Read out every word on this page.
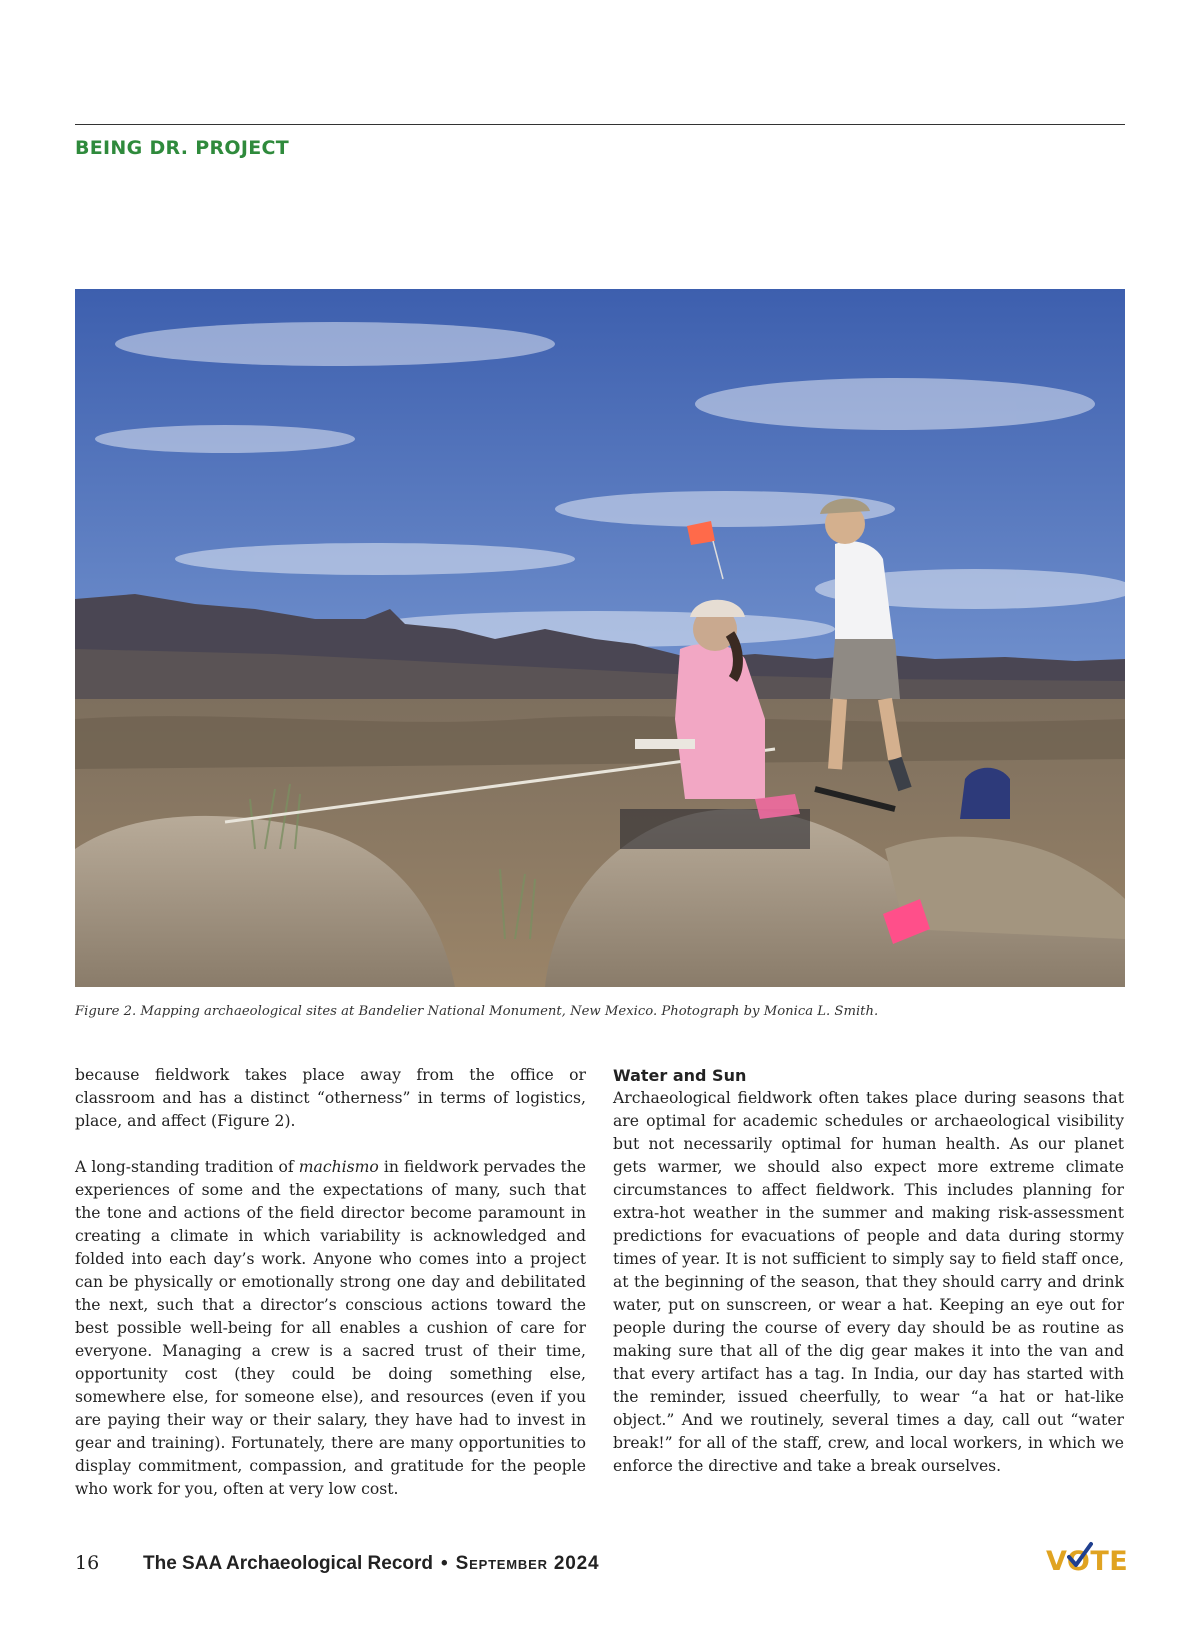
BEING DR. PROJECT
Figure 2. Mapping archaeological sites at Bandelier National Monument, New Mexico. Photograph by Monica L. Smith.

because fieldwork takes place away from the office or classroom and has a distinct “otherness” in terms of logistics, place, and affect (Figure 2).

A long-standing tradition of machismo in fieldwork pervades the experiences of some and the expectations of many, such that the tone and actions of the field director become paramount in creating a climate in which variability is acknowledged and folded into each day’s work. Anyone who comes into a project can be physically or emotionally strong one day and debilitated the next, such that a director’s conscious actions toward the best possible well-being for all enables a cushion of care for everyone. Managing a crew is a sacred trust of their time, opportunity cost (they could be doing something else, somewhere else, for someone else), and resources (even if you are paying their way or their salary, they have had to invest in gear and training). Fortunately, there are many opportunities to display commitment, compassion, and gratitude for the people who work for you, often at very low cost.

Water and Sun

Archaeological fieldwork often takes place during seasons that are optimal for academic schedules or archaeological visibility but not necessarily optimal for human health. As our planet gets warmer, we should also expect more extreme climate circumstances to affect fieldwork. This includes planning for extra-hot weather in the summer and making risk-assessment predictions for evacuations of people and data during stormy times of year. It is not sufficient to simply say to field staff once, at the beginning of the season, that they should carry and drink water, put on sunscreen, or wear a hat. Keeping an eye out for people during the course of every day should be as routine as making sure that all of the dig gear makes it into the van and that every artifact has a tag. In India, our day has started with the reminder, issued cheerfully, to wear “a hat or hat-like object.” And we routinely, several times a day, call out “water break!” for all of the staff, crew, and local workers, in which we enforce the directive and take a break ourselves.

16 The SAA Archaeological Record • September 2024	VOTE
